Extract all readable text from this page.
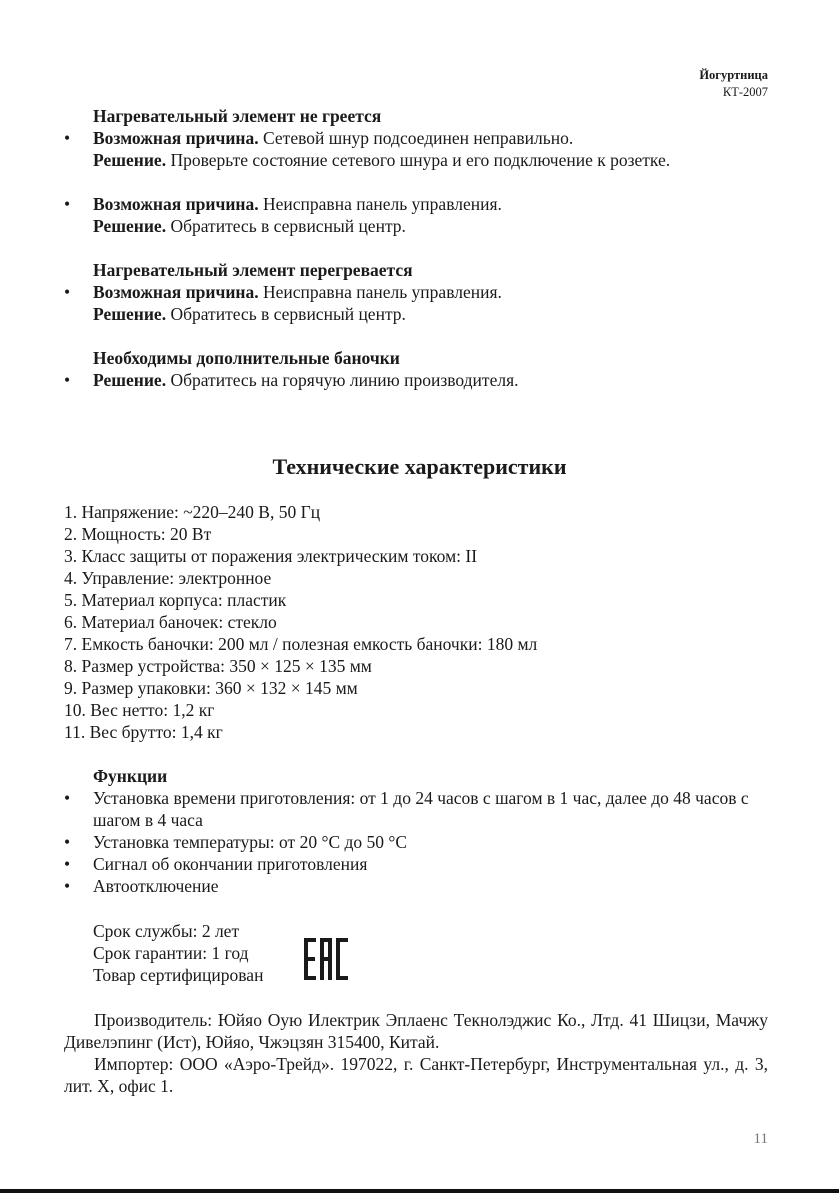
Йогуртница
КТ-2007
Нагревательный элемент не греется
• Возможная причина. Сетевой шнур подсоединен неправильно.
Решение. Проверьте состояние сетевого шнура и его подключение к розетке.
• Возможная причина. Неисправна панель управления.
Решение. Обратитесь в сервисный центр.
Нагревательный элемент перегревается
• Возможная причина. Неисправна панель управления.
Решение. Обратитесь в сервисный центр.
Необходимы дополнительные баночки
• Решение. Обратитесь на горячую линию производителя.
Технические характеристики
1. Напряжение: ~220–240 В, 50 Гц
2. Мощность: 20 Вт
3. Класс защиты от поражения электрическим током: II
4. Управление: электронное
5. Материал корпуса: пластик
6. Материал баночек: стекло
7. Емкость баночки: 200 мл / полезная емкость баночки: 180 мл
8. Размер устройства: 350 × 125 × 135 мм
9. Размер упаковки: 360 × 132 × 145 мм
10. Вес нетто: 1,2 кг
11. Вес брутто: 1,4 кг
Функции
• Установка времени приготовления: от 1 до 24 часов с шагом в 1 час, далее до 48 часов с шагом в 4 часа
• Установка температуры: от 20 °С до 50 °С
• Сигнал об окончании приготовления
• Автоотключение
Срок службы: 2 лет
Срок гарантии: 1 год
Товар сертифицирован
Производитель: Юйяо Оую Илектрик Эплаенс Текнолэджис Ко., Лтд. 41 Шицзи, Мачжу Дивелэпинг (Ист), Юйяо, Чжэцзян 315400, Китай.
Импортер: ООО «Аэро-Трейд». 197022, г. Санкт-Петербург, Инструментальная ул., д. 3, лит. Х, офис 1.
11
